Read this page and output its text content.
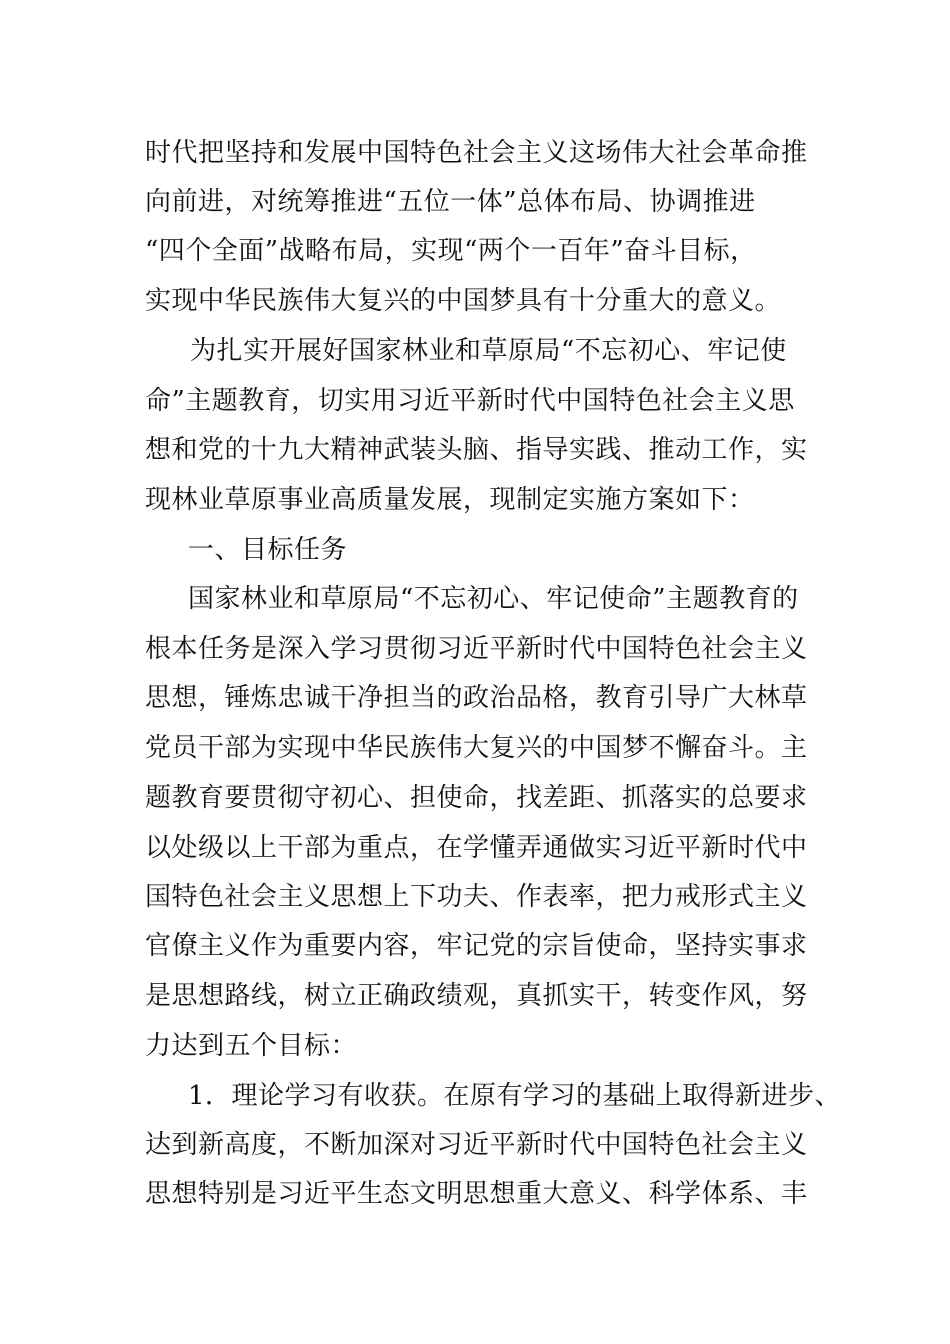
时代把坚持和发展中国特色社会主义这场伟大社会革命推
向前进，对统筹推进“五位一体”总体布局、协调推进
“四个全面”战略布局，实现“两个一百年”奋斗目标，
实现中华民族伟大复兴的中国梦具有十分重大的意义。
为扎实开展好国家林业和草原局“不忘初心、牢记使
命”主题教育，切实用习近平新时代中国特色社会主义思
想和党的十九大精神武装头脑、指导实践、推动工作，实
现林业草原事业高质量发展，现制定实施方案如下：
一、目标任务
国家林业和草原局“不忘初心、牢记使命”主题教育的
根本任务是深入学习贯彻习近平新时代中国特色社会主义
思想，锤炼忠诚干净担当的政治品格，教育引导广大林草
党员干部为实现中华民族伟大复兴的中国梦不懈奋斗。主
题教育要贯彻守初心、担使命，找差距、抓落实的总要求
以处级以上干部为重点，在学懂弄通做实习近平新时代中
国特色社会主义思想上下功夫、作表率，把力戒形式主义
官僚主义作为重要内容，牢记党的宗旨使命，坚持实事求
是思想路线，树立正确政绩观，真抓实干，转变作风，努
力达到五个目标：
1．理论学习有收获。在原有学习的基础上取得新进步、
达到新高度，不断加深对习近平新时代中国特色社会主义
思想特别是习近平生态文明思想重大意义、科学体系、丰
